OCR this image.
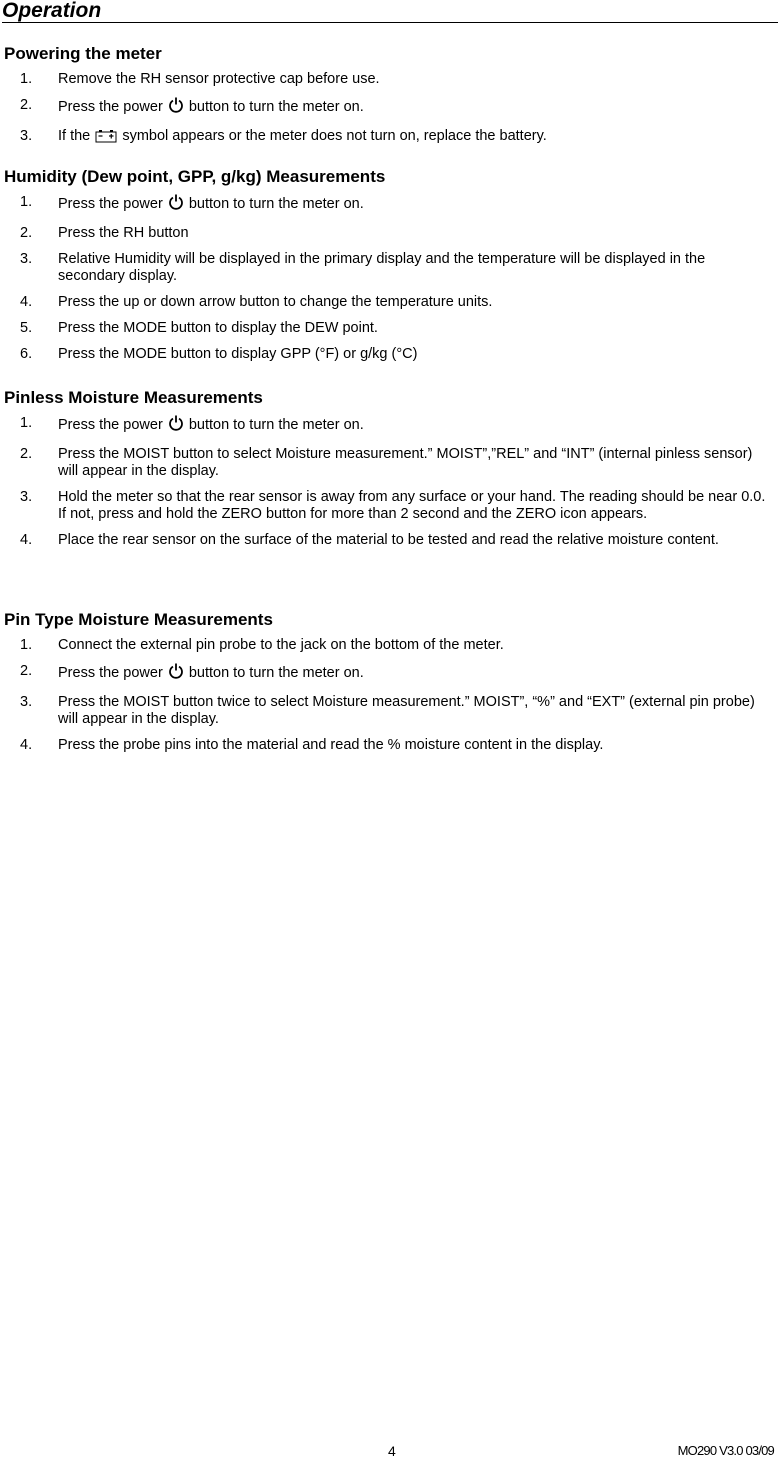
Operation
Powering the meter
1. Remove the RH sensor protective cap before use.
2. Press the power button to turn the meter on.
3. If the symbol appears or the meter does not turn on, replace the battery.
Humidity (Dew point, GPP, g/kg) Measurements
1. Press the power button to turn the meter on.
2. Press the RH button
3. Relative Humidity will be displayed in the primary display and the temperature will be displayed in the secondary display.
4. Press the up or down arrow button to change the temperature units.
5. Press the MODE button to display the DEW point.
6. Press the MODE button to display GPP (°F) or g/kg (°C)
Pinless Moisture Measurements
1. Press the power button to turn the meter on.
2. Press the MOIST button to select Moisture measurement.” MOIST”,”REL” and “INT” (internal pinless sensor) will appear in the display.
3. Hold the meter so that the rear sensor is away from any surface or your hand. The reading should be near 0.0. If not, press and hold the ZERO button for more than 2 second and the ZERO icon appears.
4. Place the rear sensor on the surface of the material to be tested and read the relative moisture content.
Pin Type Moisture Measurements
1. Connect the external pin probe to the jack on the bottom of the meter.
2. Press the power button to turn the meter on.
3. Press the MOIST button twice to select Moisture measurement.” MOIST”, “%” and “EXT” (external pin probe) will appear in the display.
4. Press the probe pins into the material and read the % moisture content in the display.
4	MO290 V3.0 03/09
